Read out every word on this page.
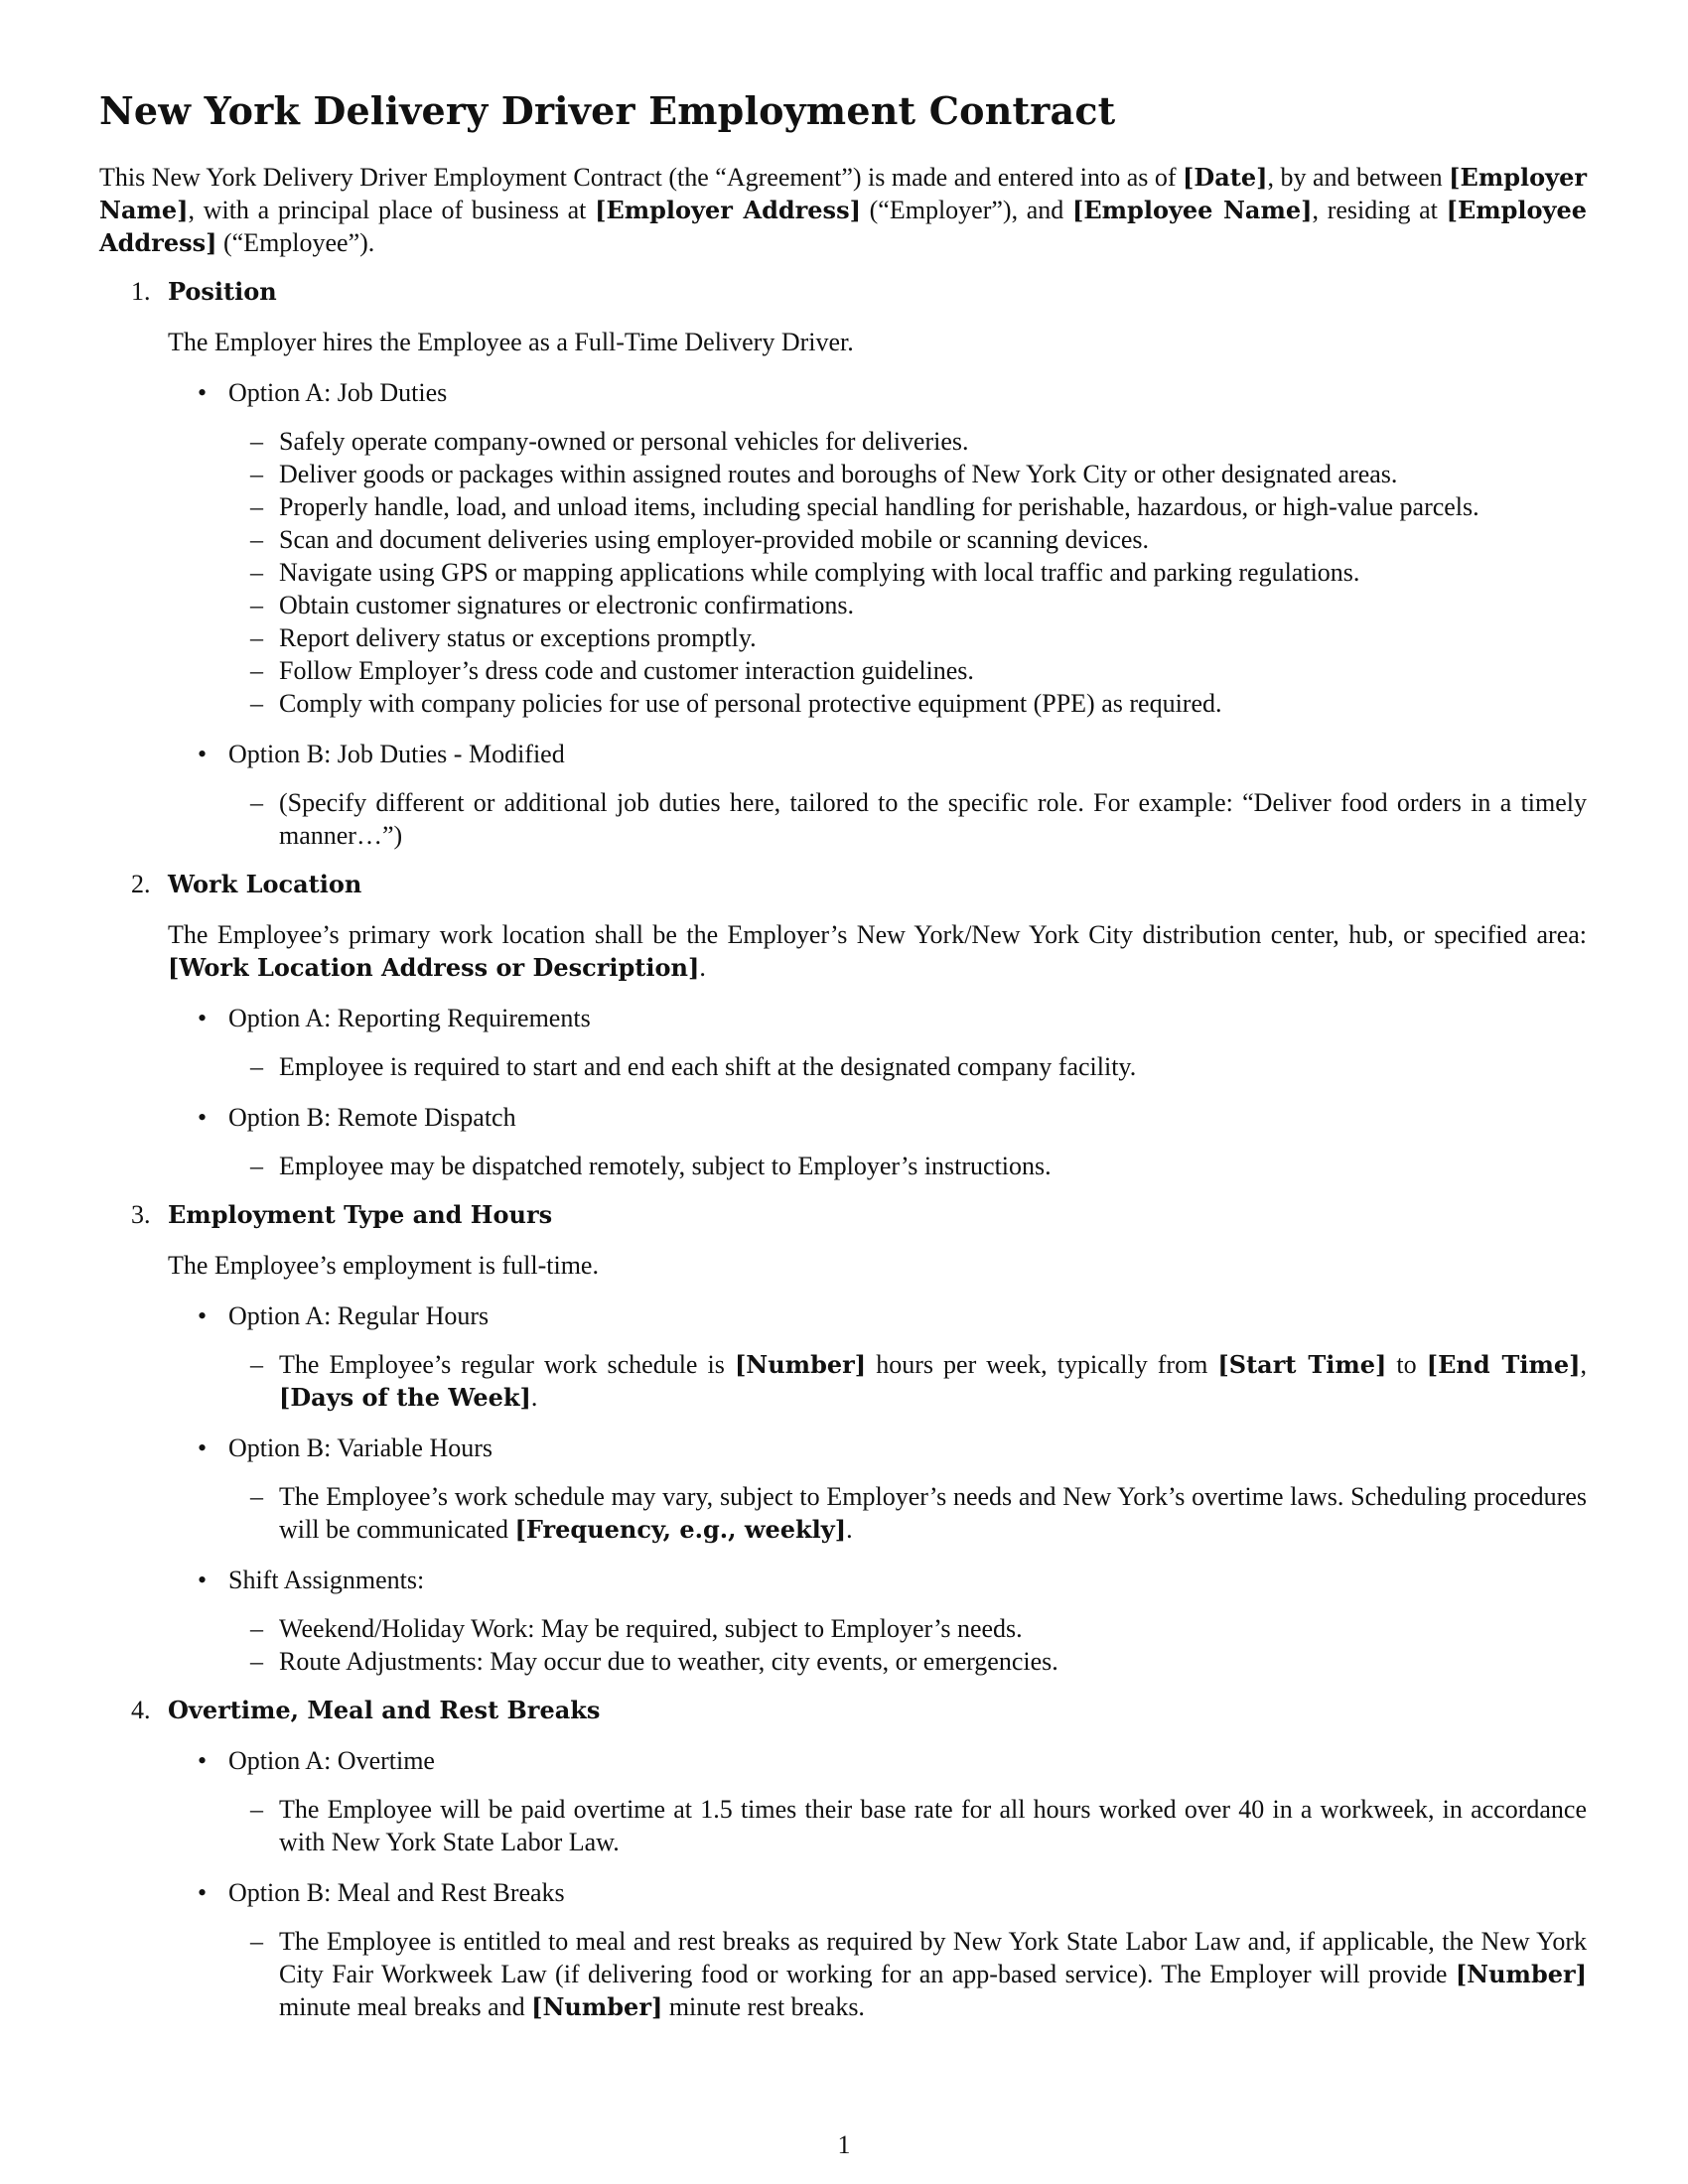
New York Delivery Driver Employment Contract

This New York Delivery Driver Employment Contract (the “Agreement”) is made and entered into as of [Date], by and between [Employer Name], with a principal place of business at [Employer Address] (“Employer”), and [Employee Name], residing at [Employee Address] (“Employee”).

1. Position
The Employer hires the Employee as a Full-Time Delivery Driver.
• Option A: Job Duties
– Safely operate company-owned or personal vehicles for deliveries.
– Deliver goods or packages within assigned routes and boroughs of New York City or other designated areas.
– Properly handle, load, and unload items, including special handling for perishable, hazardous, or high-value parcels.
– Scan and document deliveries using employer-provided mobile or scanning devices.
– Navigate using GPS or mapping applications while complying with local traffic and parking regulations.
– Obtain customer signatures or electronic confirmations.
– Report delivery status or exceptions promptly.
– Follow Employer’s dress code and customer interaction guidelines.
– Comply with company policies for use of personal protective equipment (PPE) as required.
• Option B: Job Duties - Modified
– (Specify different or additional job duties here, tailored to the specific role. For example: “Deliver food orders in a timely manner…”)
2. Work Location
The Employee’s primary work location shall be the Employer’s New York/New York City distribution center, hub, or specified area: [Work Location Address or Description].
• Option A: Reporting Requirements
– Employee is required to start and end each shift at the designated company facility.
• Option B: Remote Dispatch
– Employee may be dispatched remotely, subject to Employer’s instructions.
3. Employment Type and Hours
The Employee’s employment is full-time.
• Option A: Regular Hours
– The Employee’s regular work schedule is [Number] hours per week, typically from [Start Time] to [End Time], [Days of the Week].
• Option B: Variable Hours
– The Employee’s work schedule may vary, subject to Employer’s needs and New York’s overtime laws. Scheduling procedures will be communicated [Frequency, e.g., weekly].
• Shift Assignments:
– Weekend/Holiday Work: May be required, subject to Employer’s needs.
– Route Adjustments: May occur due to weather, city events, or emergencies.
4. Overtime, Meal and Rest Breaks
• Option A: Overtime
– The Employee will be paid overtime at 1.5 times their base rate for all hours worked over 40 in a workweek, in accordance with New York State Labor Law.
• Option B: Meal and Rest Breaks
– The Employee is entitled to meal and rest breaks as required by New York State Labor Law and, if applicable, the New York City Fair Workweek Law (if delivering food or working for an app-based service). The Employer will provide [Number] minute meal breaks and [Number] minute rest breaks.
1
